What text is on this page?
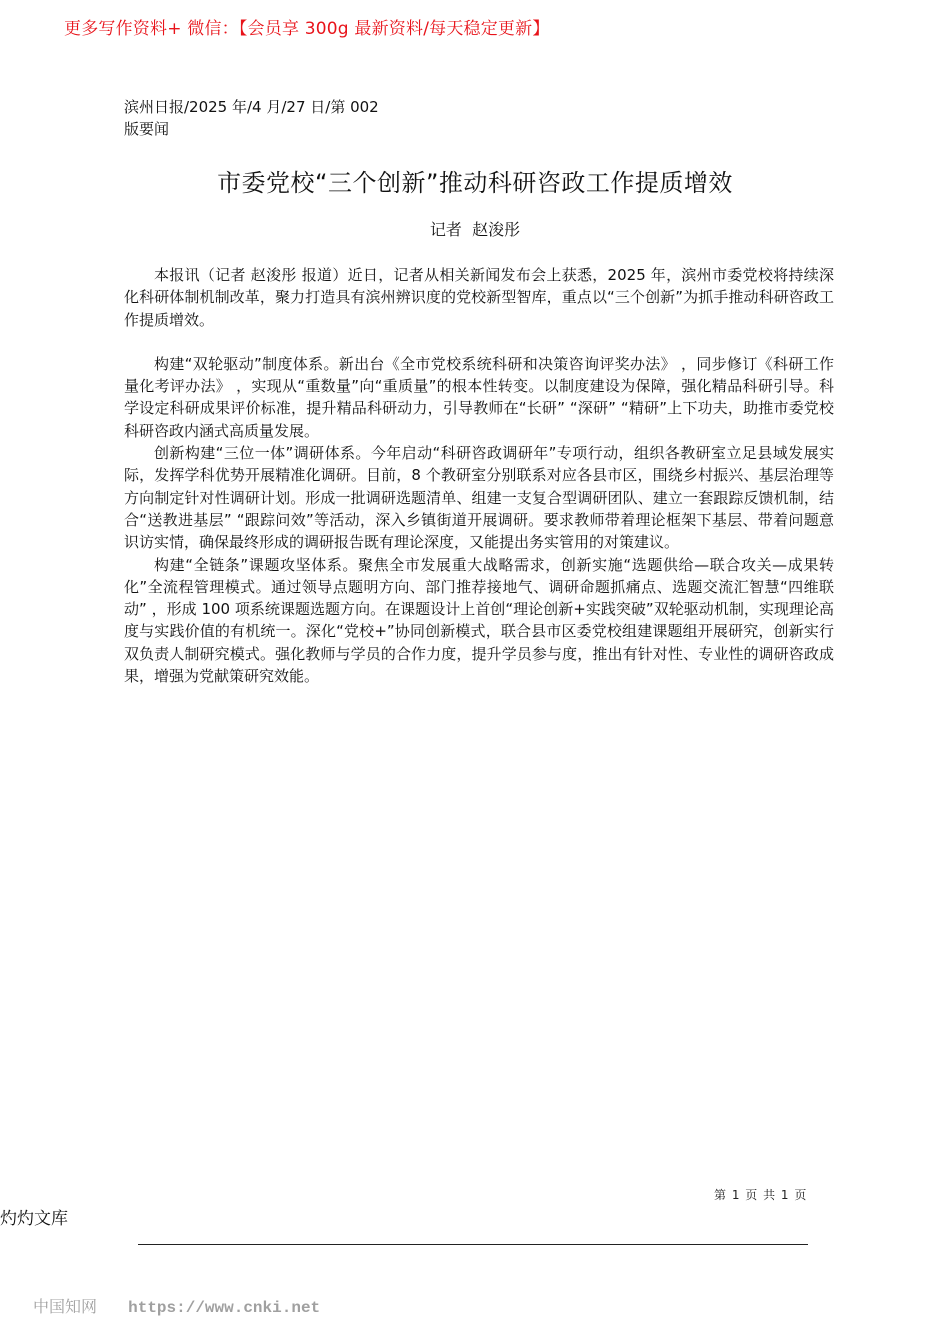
更多写作资料+ 微信：【会员享 300g 最新资料/每天稳定更新】
滨州日报/2025 年/4 月/27 日/第 002
版要闻
市委党校“三个创新”推动科研咨政工作提质增效
记者  赵浚彤

本报讯（记者 赵浚彤 报道）近日，记者从相关新闻发布会上获悉，2025 年，滨州市委党校将持续深化科研体制机制改革，聚力打造具有滨州辨识度的党校新型智库，重点以“三个创新”为抓手推动科研咨政工作提质增效。

构建“双轮驱动”制度体系。新出台《全市党校系统科研和决策咨询评奖办法》 ，同步修订《科研工作量化考评办法》 ，实现从“重数量”向“重质量”的根本性转变。以制度建设为保障，强化精品科研引导。科学设定科研成果评价标准，提升精品科研动力，引导教师在“长研” “深研” “精研”上下功夫，助推市委党校科研咨政内涵式高质量发展。

创新构建“三位一体”调研体系。今年启动“科研咨政调研年”专项行动，组织各教研室立足县域发展实际，发挥学科优势开展精准化调研。目前，8 个教研室分别联系对应各县市区，围绕乡村振兴、基层治理等方向制定针对性调研计划。形成一批调研选题清单、组建一支复合型调研团队、建立一套跟踪反馈机制，结合“送教进基层” “跟踪问效”等活动，深入乡镇街道开展调研。要求教师带着理论框架下基层、带着问题意识访实情，确保最终形成的调研报告既有理论深度，又能提出务实管用的对策建议。

构建“全链条”课题攻坚体系。聚焦全市发展重大战略需求，创新实施“选题供给—联合攻关—成果转化”全流程管理模式。通过领导点题明方向、部门推荐接地气、调研命题抓痛点、选题交流汇智慧“四维联动” ，形成 100 项系统课题选题方向。在课题设计上首创“理论创新+实践突破”双轮驱动机制，实现理论高度与实践价值的有机统一。深化“党校+”协同创新模式，联合县市区委党校组建课题组开展研究，创新实行双负责人制研究模式。强化教师与学员的合作力度，提升学员参与度，推出有针对性、专业性的调研咨政成果，增强为党献策研究效能。

第 1 页 共 1 页
灼灼文库
中国知网 https://www.cnki.net
